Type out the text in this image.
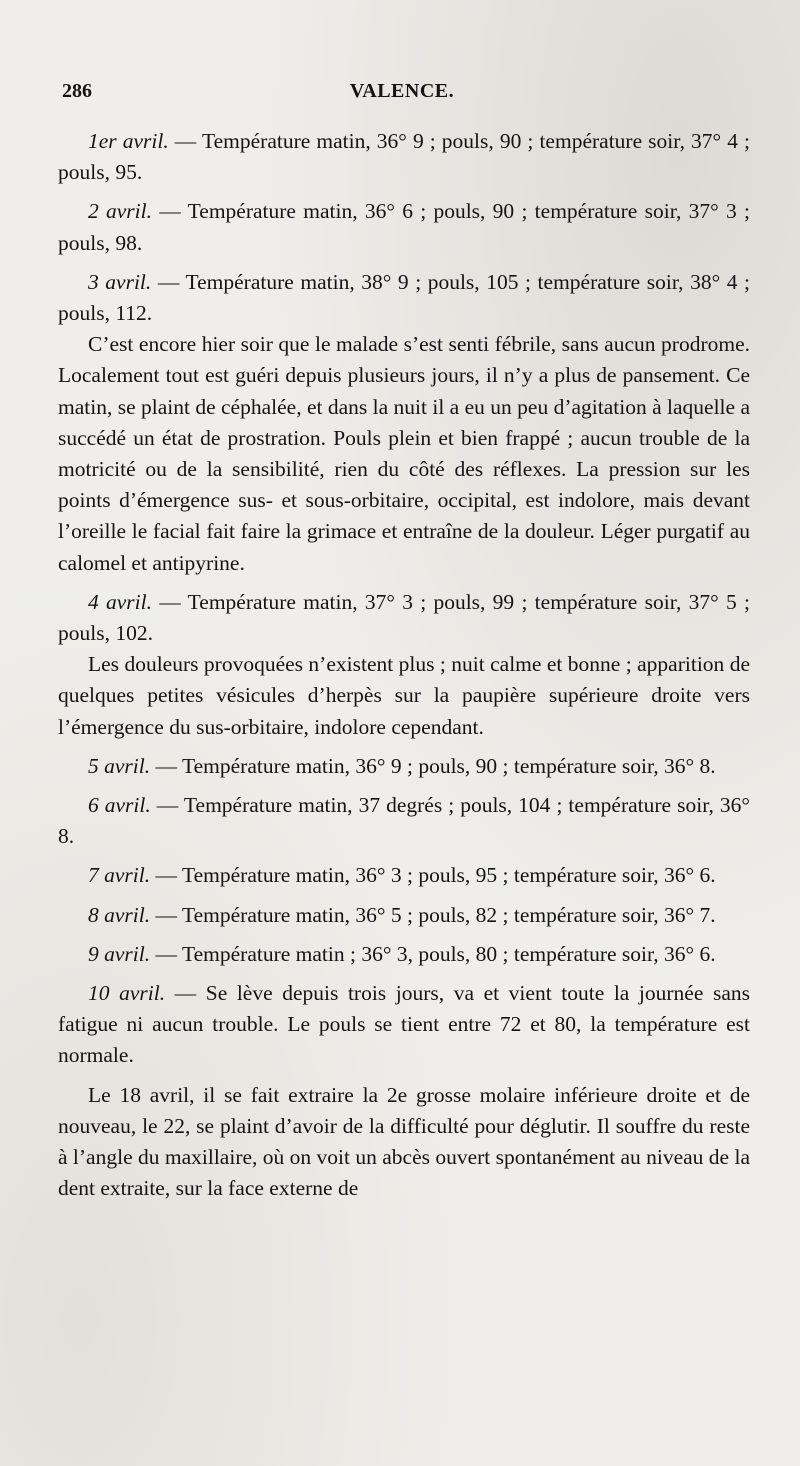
286	VALENCE.

1er avril. — Température matin, 36° 9 ; pouls, 90 ; température soir, 37° 4 ; pouls, 95.

2 avril. — Température matin, 36° 6 ; pouls, 90 ; température soir, 37° 3 ; pouls, 98.

3 avril. — Température matin, 38° 9 ; pouls, 105 ; température soir, 38° 4 ; pouls, 112.

C’est encore hier soir que le malade s’est senti fébrile, sans aucun prodrome. Localement tout est guéri depuis plusieurs jours, il n’y a plus de pansement. Ce matin, se plaint de céphalée, et dans la nuit il a eu un peu d’agitation à laquelle a succédé un état de prostration. Pouls plein et bien frappé ; aucun trouble de la motricité ou de la sensibilité, rien du côté des réflexes. La pression sur les points d’émergence sus- et sous-orbitaire, occipital, est indolore, mais devant l’oreille le facial fait faire la grimace et entraîne de la douleur. Léger purgatif au calomel et antipyrine.

4 avril. — Température matin, 37° 3 ; pouls, 99 ; température soir, 37° 5 ; pouls, 102.

Les douleurs provoquées n’existent plus ; nuit calme et bonne ; apparition de quelques petites vésicules d’herpès sur la paupière supérieure droite vers l’émergence du sus-orbitaire, indolore cependant.

5 avril. — Température matin, 36° 9 ; pouls, 90 ; température soir, 36° 8.

6 avril. — Température matin, 37 degrés ; pouls, 104 ; température soir, 36° 8.

7 avril. — Température matin, 36° 3 ; pouls, 95 ; température soir, 36° 6.

8 avril. — Température matin, 36° 5 ; pouls, 82 ; température soir, 36° 7.

9 avril. — Température matin ; 36° 3, pouls, 80 ; température soir, 36° 6.

10 avril. — Se lève depuis trois jours, va et vient toute la journée sans fatigue ni aucun trouble. Le pouls se tient entre 72 et 80, la température est normale.

Le 18 avril, il se fait extraire la 2e grosse molaire inférieure droite et de nouveau, le 22, se plaint d’avoir de la difficulté pour déglutir. Il souffre du reste à l’angle du maxillaire, où on voit un abcès ouvert spontanément au niveau de la dent extraite, sur la face externe de
